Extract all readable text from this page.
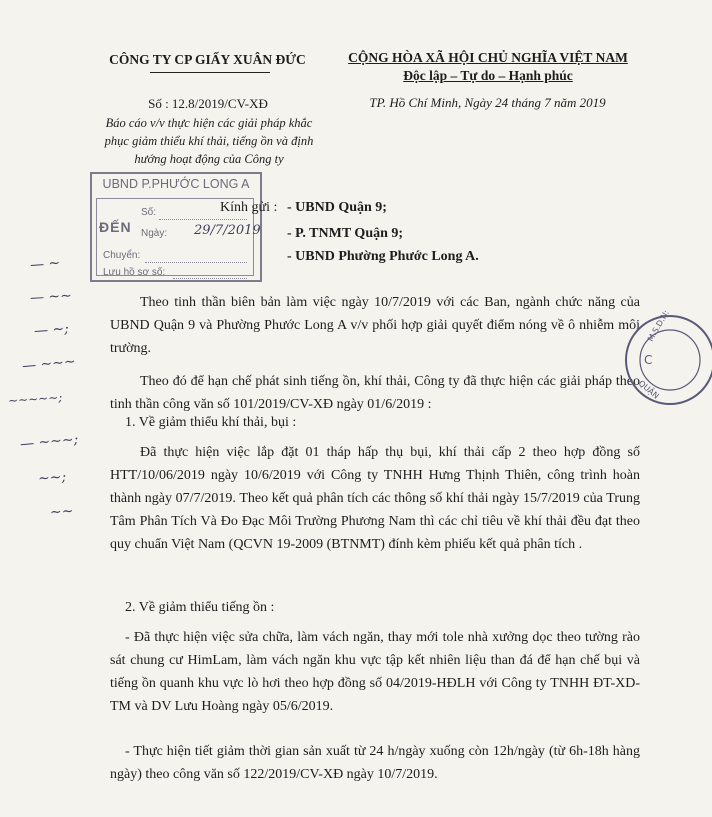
CÔNG TY CP GIẤY XUÂN ĐỨC	CỘNG HÒA XÃ HỘI CHỦ NGHĨA VIỆT NAM
Độc lập – Tự do – Hạnh phúc
Số : 12.8/2019/CV-XĐ
Báo cáo v/v thực hiện các giải pháp khắc phục giảm thiểu khí thải, tiếng ồn và định hướng hoạt động của Công ty
TP. Hồ Chí Minh, Ngày 24 tháng 7 năm 2019
UBND P.PHƯỚC LONG A
ĐẾN
Số:
Ngày: 29/7/2019
Chuyển:
Lưu hồ sơ số:
Kính gửi : - UBND Quận 9;
- P. TNMT Quận 9;
- UBND Phường Phước Long A.
Theo tinh thần biên bản làm việc ngày 10/7/2019 với các Ban, ngành chức năng của UBND Quận 9 và Phường Phước Long A v/v phối hợp giải quyết điểm nóng về ô nhiễm môi trường.
Theo đó để hạn chế phát sinh tiếng ồn, khí thải, Công ty đã thực hiện các giải pháp theo tinh thần công văn số 101/2019/CV-XĐ ngày 01/6/2019 :
1. Về giảm thiểu khí thải, bụi :
Đã thực hiện việc lắp đặt 01 tháp hấp thụ bụi, khí thải cấp 2 theo hợp đồng số HTT/10/06/2019 ngày 10/6/2019 với Công ty TNHH Hưng Thịnh Thiên, công trình hoàn thành ngày 07/7/2019. Theo kết quả phân tích các thông số khí thải ngày 15/7/2019 của Trung Tâm Phân Tích Và Đo Đạc Môi Trường Phương Nam thì các chỉ tiêu về khí thải đều đạt theo quy chuẩn Việt Nam (QCVN 19-2009 (BTNMT) đính kèm phiếu kết quả phân tích .
2. Về giảm thiểu tiếng ồn :
- Đã thực hiện việc sửa chữa, làm vách ngăn, thay mới tole nhà xưởng dọc theo tường rào sát chung cư HimLam, làm vách ngăn khu vực tập kết nhiên liệu than đá để hạn chế bụi và tiếng ồn quanh khu vực lò hơi theo hợp đồng số 04/2019-HĐLH với Công ty TNHH ĐT-XD-TM và DV Lưu Hoàng ngày 05/6/2019.
- Thực hiện tiết giảm thời gian sản xuất từ 24 h/ngày xuống còn 12h/ngày (từ 6h-18h hàng ngày) theo công văn số 122/2019/CV-XĐ ngày 10/7/2019.
— ~
— ~~
— ~;
— ~~~
~~~~~;
— ~~~;
~~;
~~
M.S.D.N:
C
QUẬN
